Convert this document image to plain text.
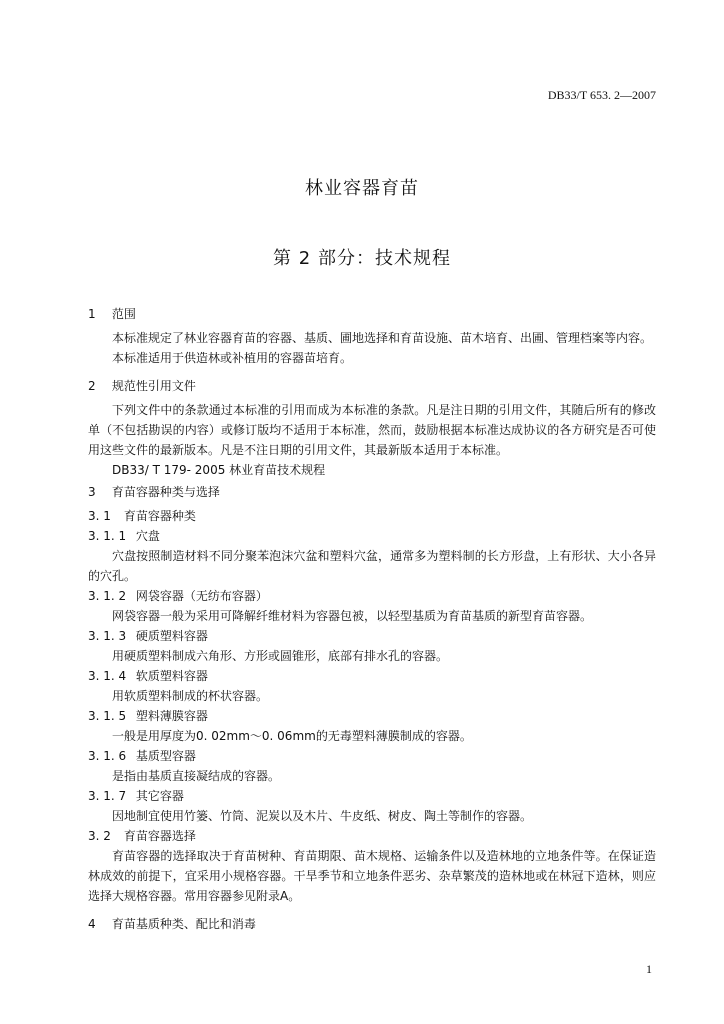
DB33/T 653. 2—2007
林业容器育苗
第 2 部分：技术规程
1 范围

本标准规定了林业容器育苗的容器、基质、圃地选择和育苗设施、苗木培育、出圃、管理档案等内容。

本标准适用于供造林或补植用的容器苗培育。

2 规范性引用文件

下列文件中的条款通过本标准的引用而成为本标准的条款。凡是注日期的引用文件，其随后所有的修改单（不包括勘误的内容）或修订版均不适用于本标准，然而，鼓励根据本标准达成协议的各方研究是否可使用这些文件的最新版本。凡是不注日期的引用文件，其最新版本适用于本标准。

DB33/ T 179- 2005 林业育苗技术规程

3 育苗容器种类与选择
3. 1 育苗容器种类
3. 1. 1 穴盘

穴盘按照制造材料不同分聚苯泡沫穴盆和塑料穴盆，通常多为塑料制的长方形盘，上有形状、大小各异的穴孔。

3. 1. 2 网袋容器（无纺布容器）

网袋容器一般为采用可降解纤维材料为容器包被，以轻型基质为育苗基质的新型育苗容器。

3. 1. 3 硬质塑料容器

用硬质塑料制成六角形、方形或圆锥形，底部有排水孔的容器。

3. 1. 4 软质塑料容器

用软质塑料制成的杯状容器。

3. 1. 5 塑料薄膜容器

一般是用厚度为0. 02mm～0. 06mm的无毒塑料薄膜制成的容器。

3. 1. 6 基质型容器

是指由基质直接凝结成的容器。

3. 1. 7 其它容器

因地制宜使用竹篓、竹筒、泥炭以及木片、牛皮纸、树皮、陶土等制作的容器。

3. 2 育苗容器选择

育苗容器的选择取决于育苗树种、育苗期限、苗木规格、运输条件以及造林地的立地条件等。在保证造林成效的前提下，宜采用小规格容器。干旱季节和立地条件恶劣、杂草繁茂的造林地或在林冠下造林，则应选择大规格容器。常用容器参见附录A。

4 育苗基质种类、配比和消毒
1
